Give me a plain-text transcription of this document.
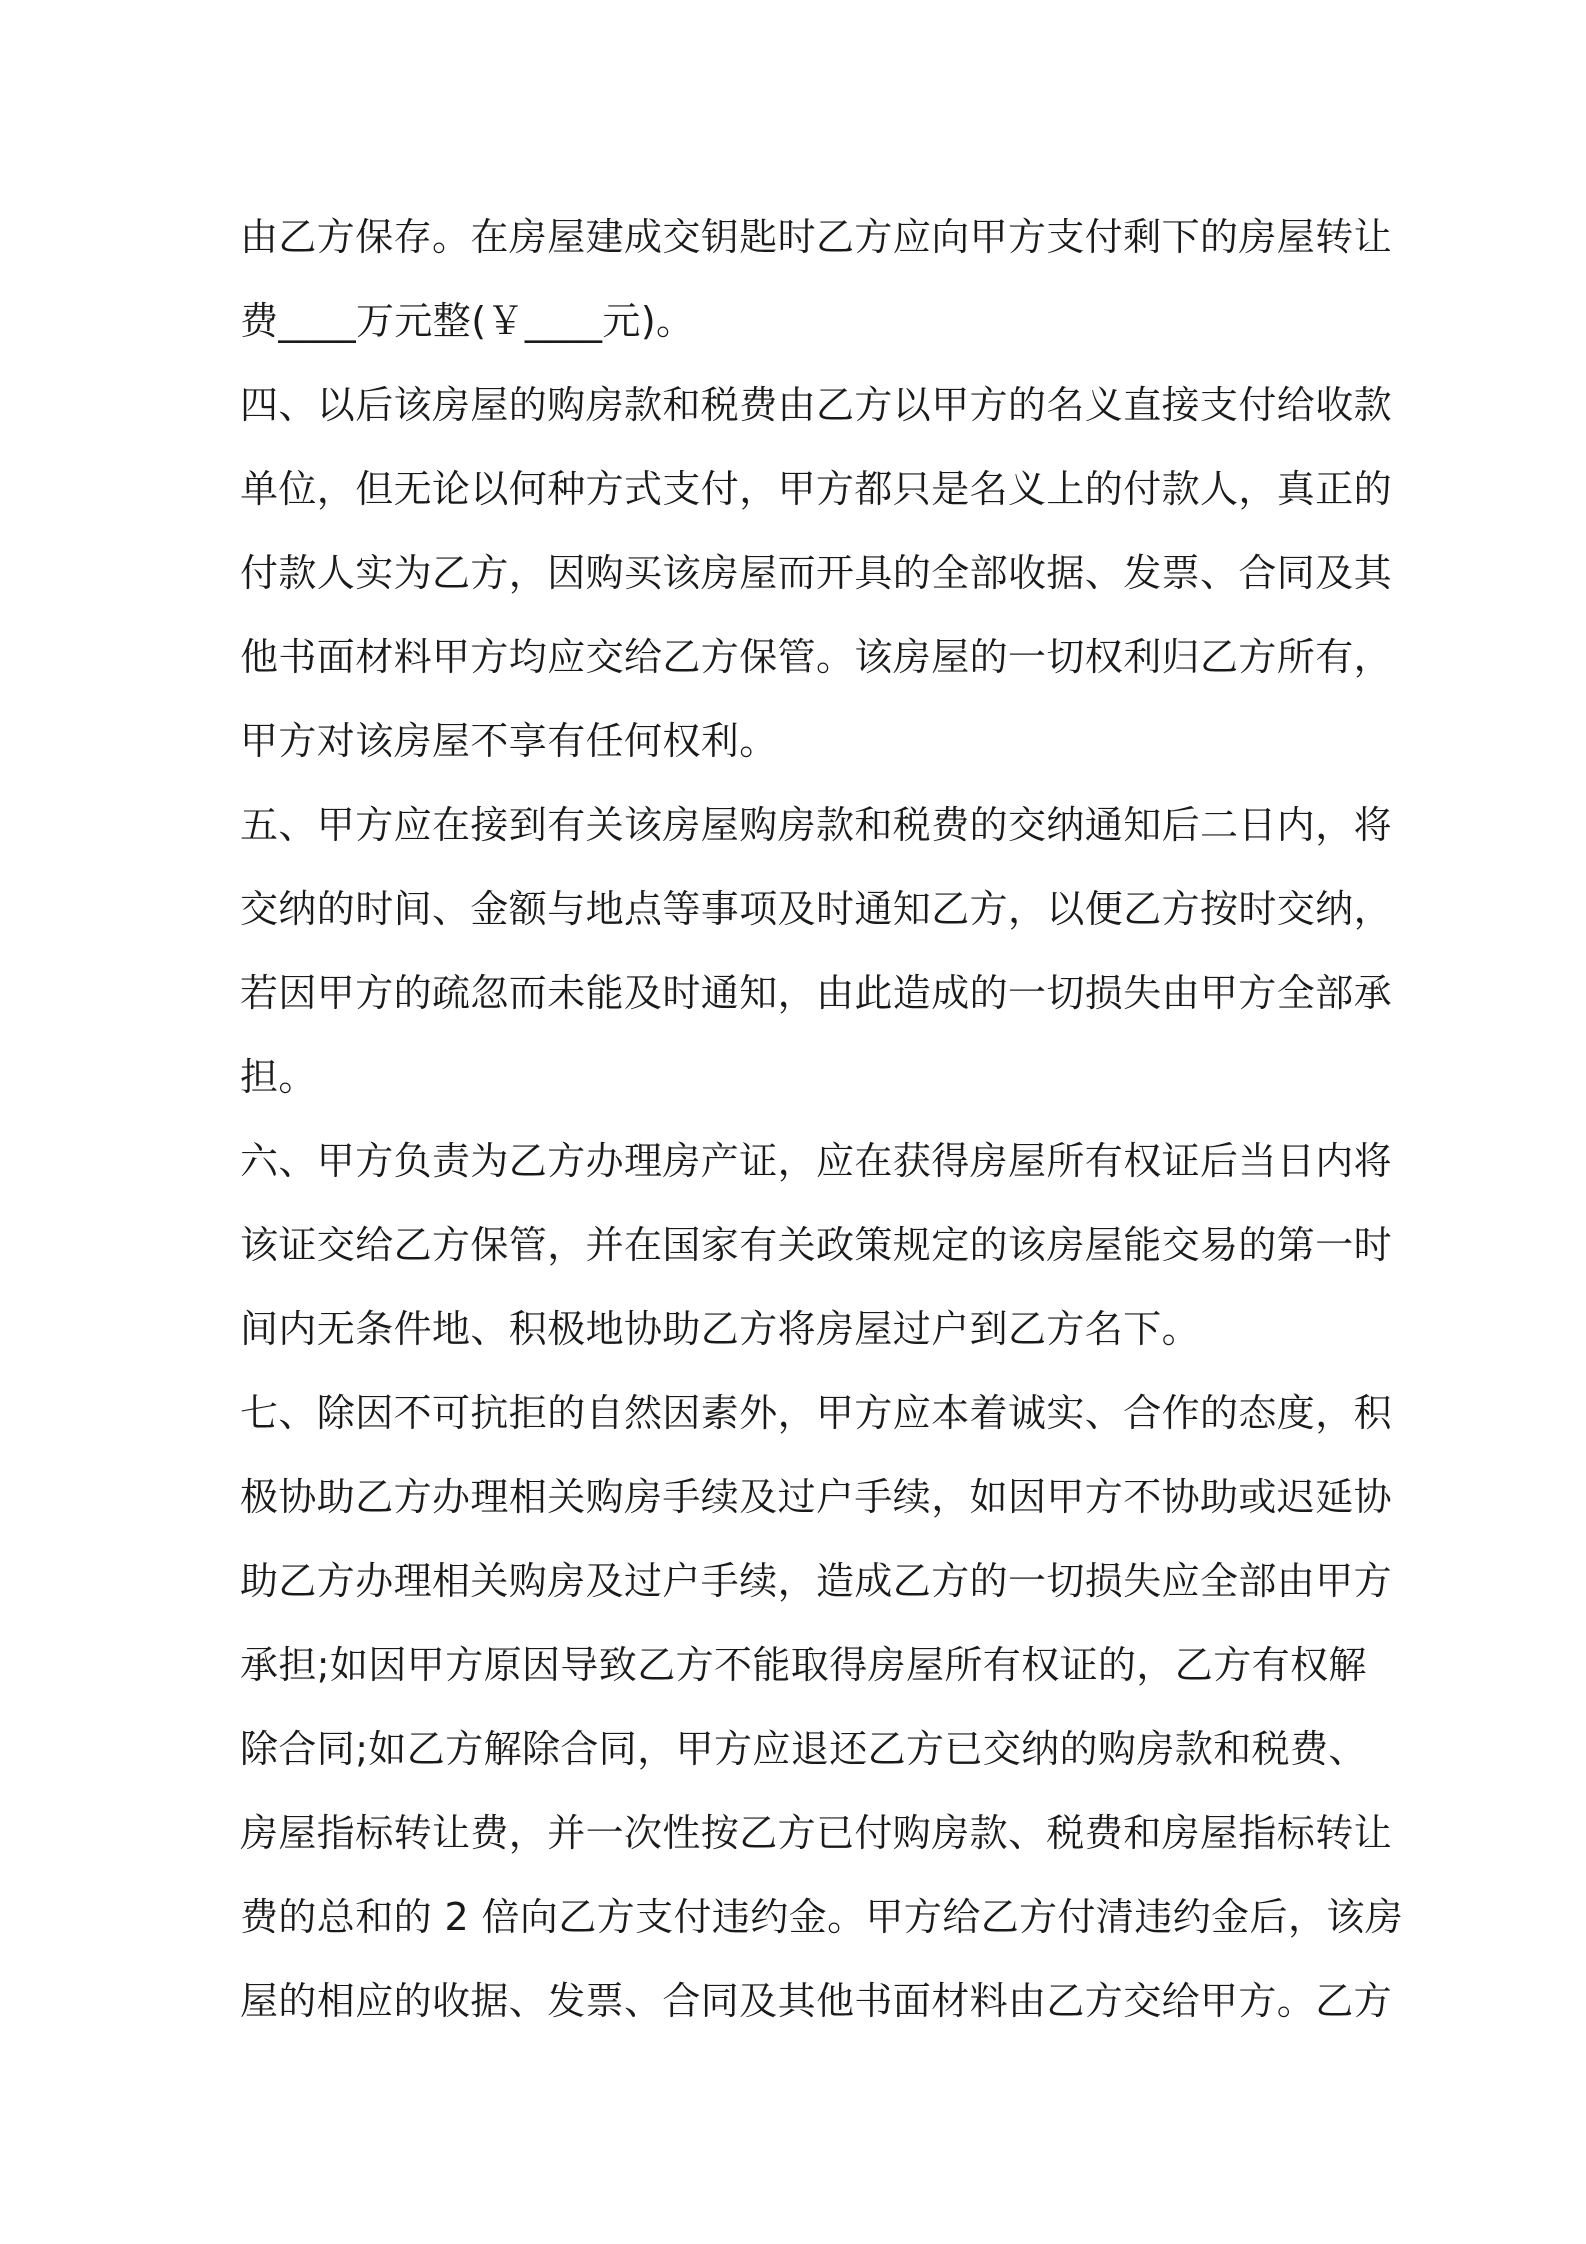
由乙方保存。在房屋建成交钥匙时乙方应向甲方支付剩下的房屋转让
费____万元整(￥____元)。
四、以后该房屋的购房款和税费由乙方以甲方的名义直接支付给收款
单位，但无论以何种方式支付，甲方都只是名义上的付款人，真正的
付款人实为乙方，因购买该房屋而开具的全部收据、发票、合同及其
他书面材料甲方均应交给乙方保管。该房屋的一切权利归乙方所有，
甲方对该房屋不享有任何权利。
五、甲方应在接到有关该房屋购房款和税费的交纳通知后二日内，将
交纳的时间、金额与地点等事项及时通知乙方，以便乙方按时交纳，
若因甲方的疏忽而未能及时通知，由此造成的一切损失由甲方全部承
担。
六、甲方负责为乙方办理房产证，应在获得房屋所有权证后当日内将
该证交给乙方保管，并在国家有关政策规定的该房屋能交易的第一时
间内无条件地、积极地协助乙方将房屋过户到乙方名下。
七、除因不可抗拒的自然因素外，甲方应本着诚实、合作的态度，积
极协助乙方办理相关购房手续及过户手续，如因甲方不协助或迟延协
助乙方办理相关购房及过户手续，造成乙方的一切损失应全部由甲方
承担;如因甲方原因导致乙方不能取得房屋所有权证的，乙方有权解
除合同;如乙方解除合同，甲方应退还乙方已交纳的购房款和税费、
房屋指标转让费，并一次性按乙方已付购房款、税费和房屋指标转让
费的总和的 2 倍向乙方支付违约金。甲方给乙方付清违约金后，该房
屋的相应的收据、发票、合同及其他书面材料由乙方交给甲方。乙方
